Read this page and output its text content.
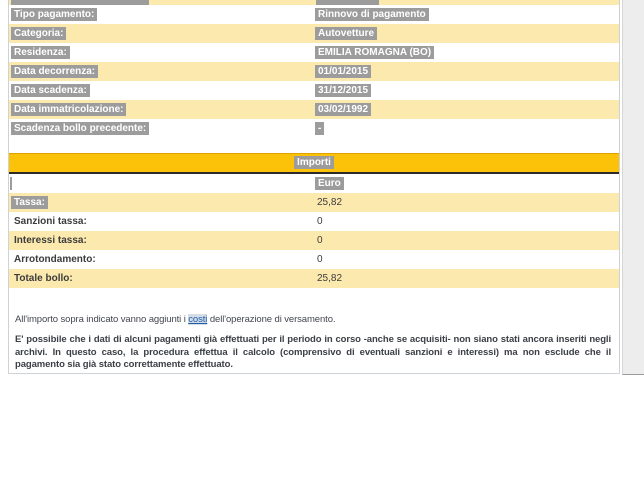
Tipo pagamento:	Rinnovo di pagamento
Categoria:	Autovetture
Residenza:	EMILIA ROMAGNA (BO)
Data decorrenza:	01/01/2015
Data scadenza:	31/12/2015
Data immatricolazione:	03/02/1992
Scadenza bollo precedente:	-
Importi
Euro
Tassa:	25,82
Sanzioni tassa:	0
Interessi tassa:	0
Arrotondamento:	0
Totale bollo:	25,82

All'importo sopra indicato vanno aggiunti i costi dell'operazione di versamento.

E' possibile che i dati di alcuni pagamenti già effettuati per il periodo in corso -anche se acquisiti- non siano stati ancora inseriti negli archivi. In questo caso, la procedura effettua il calcolo (comprensivo di eventuali sanzioni e interessi) ma non esclude che il pagamento sia già stato correttamente effettuato.
